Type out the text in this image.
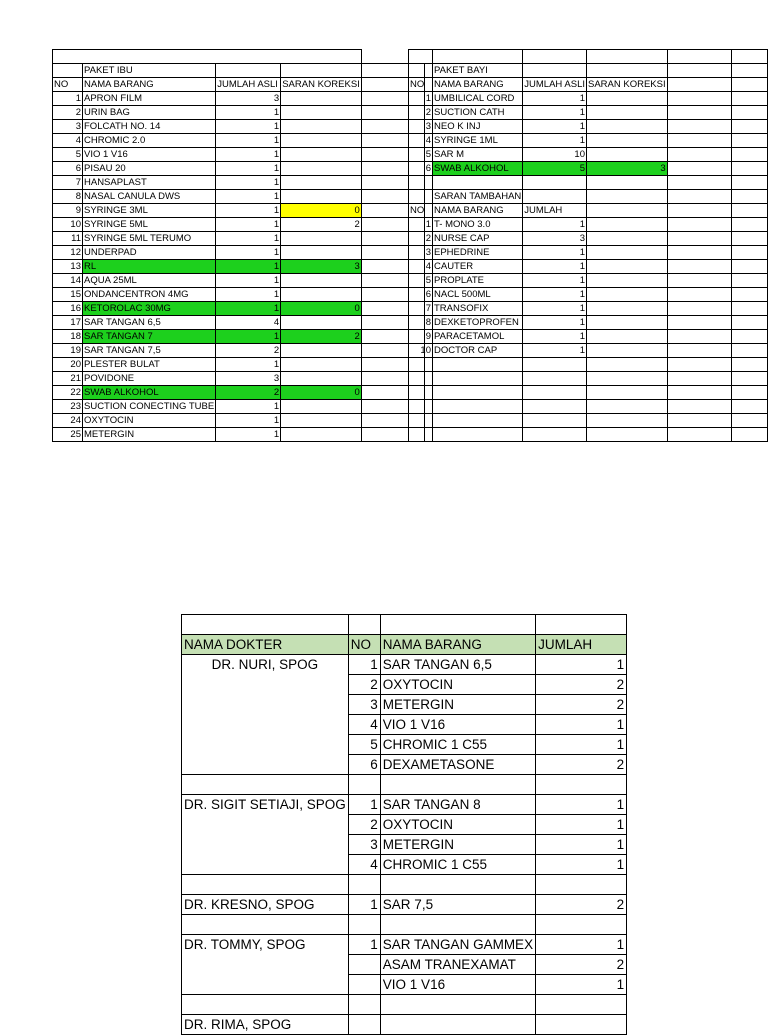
	PAKET IBU			
NO	NAMA BARANG	JUMLAH ASLI	SARAN KOREKSI	
1	APRON FILM	3		
2	URIN BAG	1		
3	FOLCATH NO. 14	1		
4	CHROMIC 2.0	1		
5	VIO 1 V16	1		
6	PISAU 20	1		
7	HANSAPLAST	1		
8	NASAL CANULA DWS	1		
9	SYRINGE 3ML	1	0	
10	SYRINGE 5ML	1	2	
11	SYRINGE 5ML TERUMO	1		
12	UNDERPAD	1		
13	RL	1	3	
14	AQUA 25ML	1		
15	ONDANCENTRON 4MG	1		
16	KETOROLAC 30MG	1	0	
17	SAR TANGAN 6,5	4		
18	SAR TANGAN 7	1	2	
19	SAR TANGAN 7,5	2		
20	PLESTER BULAT	1		
21	POVIDONE	3		
22	SWAB ALKOHOL	2	0	
23	SUCTION CONECTING TUBE	1		
24	OXYTOCIN	1		
25	METERGIN	1		

	PAKET BAYI				
NO	NAMA BARANG	JUMLAH ASLI	SARAN KOREKSI		
1	UMBILICAL CORD	1			
2	SUCTION CATH	1			
3	NEO K INJ	1			
4	SYRINGE 1ML	1			
5	SAR M	10			
6	SWAB ALKOHOL	5	3		

	SARAN TAMBAHAN				
NO	NAMA BARANG	JUMLAH			
1	T- MONO 3.0	1			
2	NURSE CAP	3			
3	EPHEDRINE	1			
4	CAUTER	1			
5	PROPLATE	1			
6	NACL 500ML	1			
7	TRANSOFIX	1			
8	DEXKETOPROFEN	1			
9	PARACETAMOL	1			
10	DOCTOR CAP	1			

NAMA DOKTER	NO	NAMA BARANG	JUMLAH
DR. NURI, SPOG	1	SAR TANGAN 6,5	1
	2	OXYTOCIN	2
	3	METERGIN	2
	4	VIO 1 V16	1
	5	CHROMIC 1 C55	1
	6	DEXAMETASONE	2

DR. SIGIT SETIAJI, SPOG	1	SAR TANGAN 8	1
	2	OXYTOCIN	1
	3	METERGIN	1
	4	CHROMIC 1 C55	1

DR. KRESNO, SPOG	1	SAR 7,5	2

DR. TOMMY, SPOG	1	SAR TANGAN GAMMEX	1
		ASAM TRANEXAMAT	2
		VIO 1 V16	1

DR. RIMA, SPOG			
